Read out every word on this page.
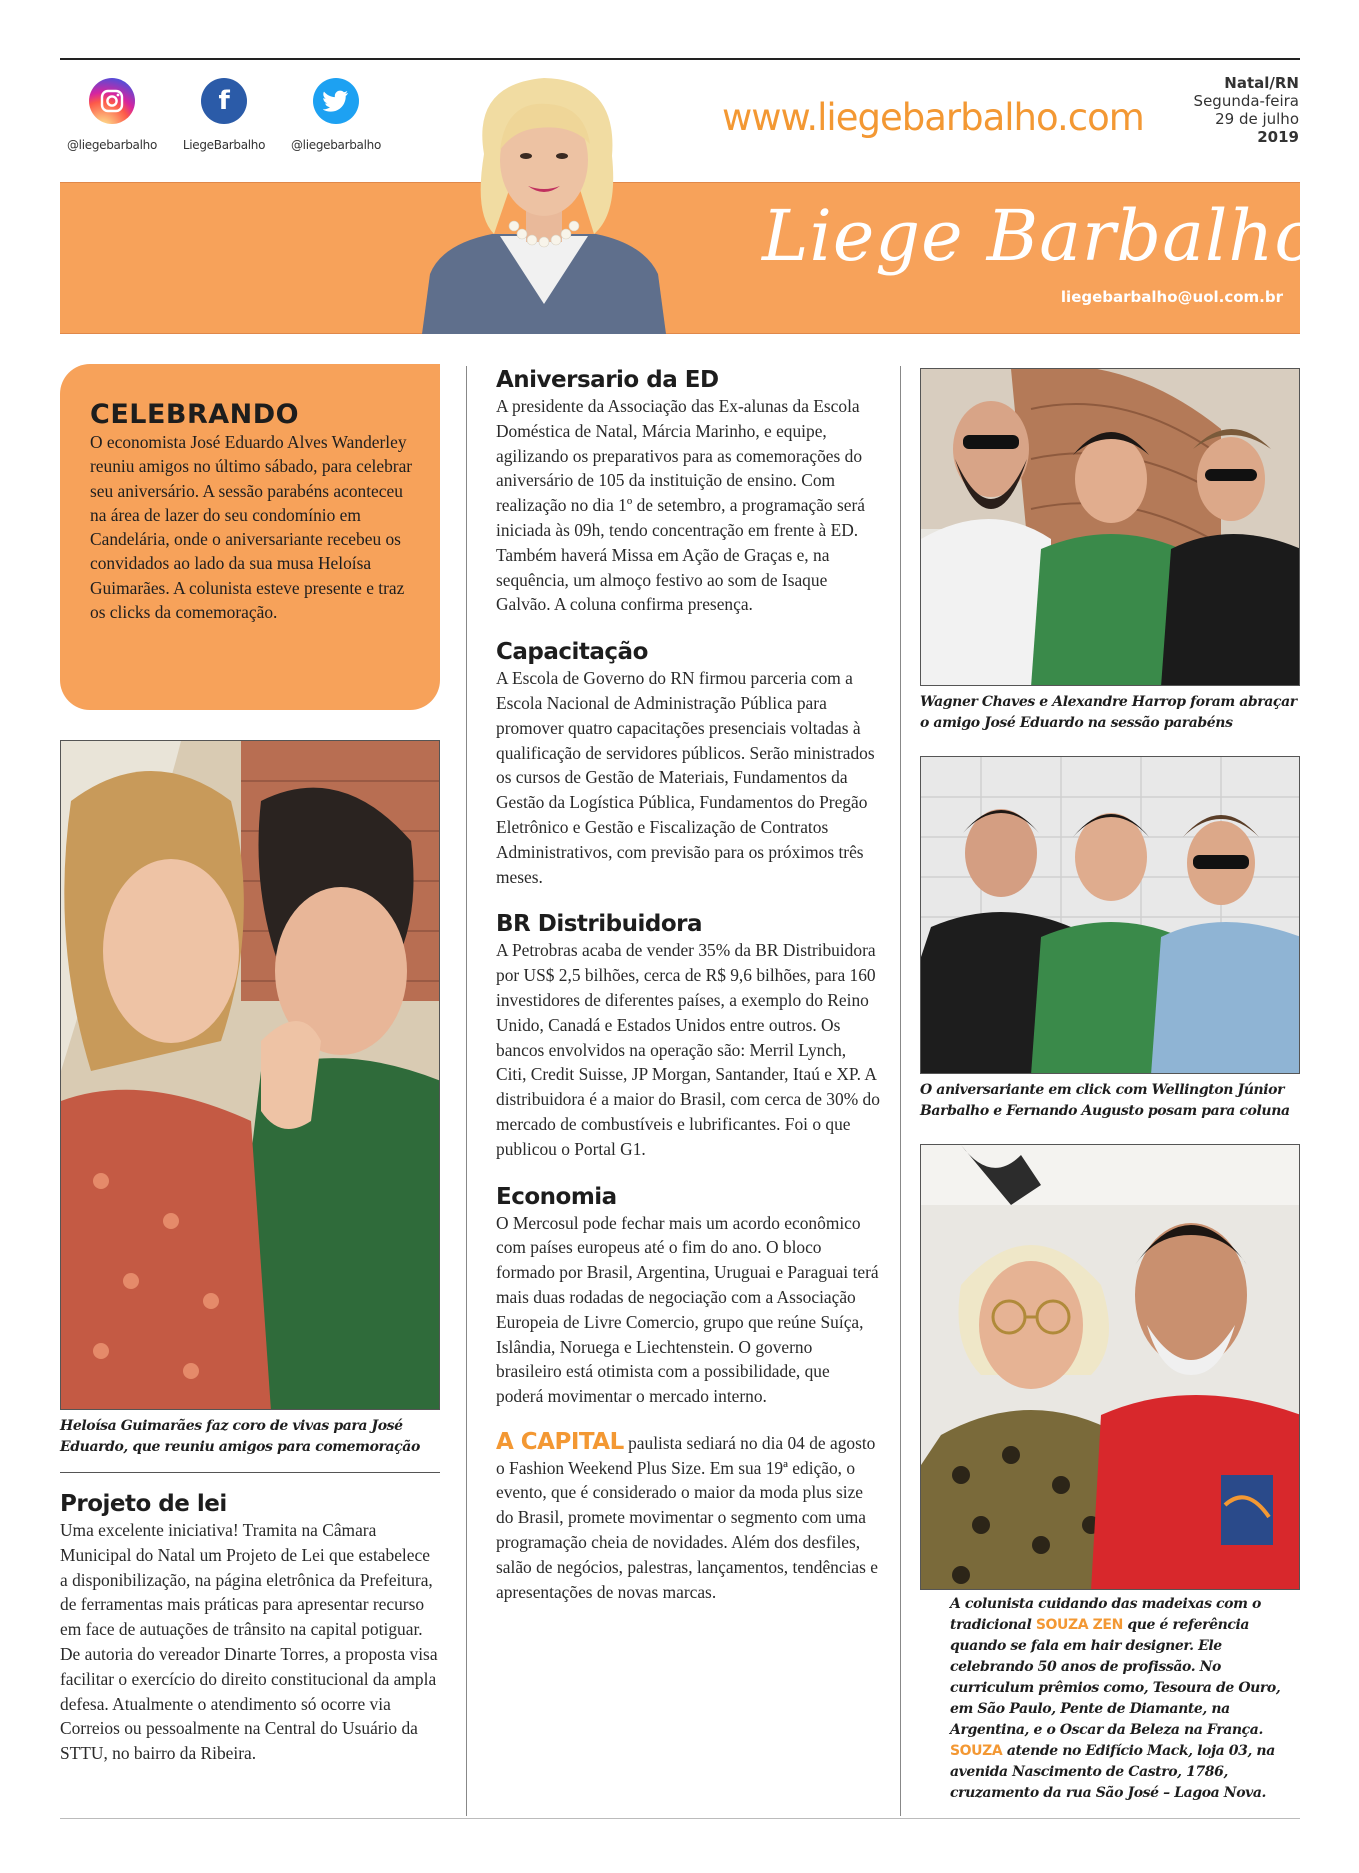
@liegebarbalho
f
LiegeBarbalho	@liegebarbalho
www.liegebarbalho.com
Natal/RN
Segunda-feira
29 de julho
2019
Liege Barbalho
liegebarbalho@uol.com.br
CELEBRANDO

O economista José Eduardo Alves Wanderley reuniu amigos no último sábado, para celebrar seu aniversário. A sessão parabéns aconteceu na área de lazer do seu condomínio em Candelária, onde o aniversariante recebeu os convidados ao lado da sua musa Heloísa Guimarães. A colunista esteve presente e traz os clicks da comemoração.

Heloísa Guimarães faz coro de vivas para José Eduardo, que reuniu amigos para comemoração
Projeto de lei

Uma excelente iniciativa! Tramita na Câmara Municipal do Natal um Projeto de Lei que estabelece a disponibilização, na página eletrônica da Prefeitura, de ferramentas mais práticas para apresentar recurso em face de autuações de trânsito na capital potiguar. De autoria do vereador Dinarte Torres, a proposta visa facilitar o exercício do direito constitucional da ampla defesa. Atualmente o atendimento só ocorre via Correios ou pessoalmente na Central do Usuário da STTU, no bairro da Ribeira.

Aniversario da ED

A presidente da Associação das Ex-alunas da Escola Doméstica de Natal, Márcia Marinho, e equipe, agilizando os preparativos para as comemorações do aniversário de 105 da instituição de ensino. Com realização no dia 1º de setembro, a programação será iniciada às 09h, tendo concentração em frente à ED. Também haverá Missa em Ação de Graças e, na sequência, um almoço festivo ao som de Isaque Galvão. A coluna confirma presença.

Capacitação

A Escola de Governo do RN firmou parceria com a Escola Nacional de Administração Pública para promover quatro capacitações presenciais voltadas à qualificação de servidores públicos. Serão ministrados os cursos de Gestão de Materiais, Fundamentos da Gestão da Logística Pública, Fundamentos do Pregão Eletrônico e Gestão e Fiscalização de Contratos Administrativos, com previsão para os próximos três meses.

BR Distribuidora

A Petrobras acaba de vender 35% da BR Distribuidora por US$ 2,5 bilhões, cerca de R$ 9,6 bilhões, para 160 investidores de diferentes países, a exemplo do Reino Unido, Canadá e Estados Unidos entre outros. Os bancos envolvidos na operação são: Merril Lynch, Citi, Credit Suisse, JP Morgan, Santander, Itaú e XP. A distribuidora é a maior do Brasil, com cerca de 30% do mercado de combustíveis e lubrificantes. Foi o que publicou o Portal G1.

Economia

O Mercosul pode fechar mais um acordo econômico com países europeus até o fim do ano. O bloco formado por Brasil, Argentina, Uruguai e Paraguai terá mais duas rodadas de negociação com a Associação Europeia de Livre Comercio, grupo que reúne Suíça, Islândia, Noruega e Liechtenstein. O governo brasileiro está otimista com a possibilidade, que poderá movimentar o mercado interno.

A CAPITAL paulista sediará no dia 04 de agosto o Fashion Weekend Plus Size. Em sua 19ª edição, o evento, que é considerado o maior da moda plus size do Brasil, promete movimentar o segmento com uma programação cheia de novidades. Além dos desfiles, salão de negócios, palestras, lançamentos, tendências e apresentações de novas marcas.

Wagner Chaves e Alexandre Harrop foram abraçar o amigo José Eduardo na sessão parabéns
O aniversariante em click com Wellington Júnior Barbalho e Fernando Augusto posam para coluna
A colunista cuidando das madeixas com o tradicional SOUZA ZEN que é referência quando se fala em hair designer. Ele celebrando 50 anos de profissão. No curriculum prêmios como, Tesoura de Ouro, em São Paulo, Pente de Diamante, na Argentina, e o Oscar da Beleza na França. SOUZA atende no Edifício Mack, loja 03, na avenida Nascimento de Castro, 1786, cruzamento da rua São José – Lagoa Nova.
